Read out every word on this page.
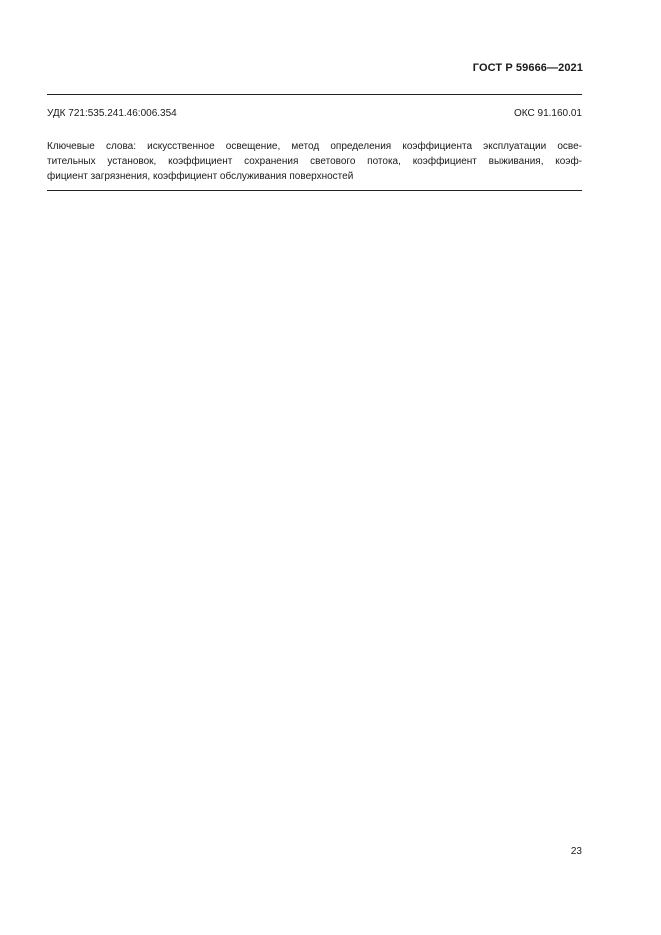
ГОСТ Р 59666—2021
УДК 721:535.241.46:006.354	ОКС 91.160.01
Ключевые слова: искусственное освещение, метод определения коэффициента эксплуатации осве-
тительных установок, коэффициент сохранения светового потока, коэффициент выживания, коэф-
фициент загрязнения, коэффициент обслуживания поверхностей
23
